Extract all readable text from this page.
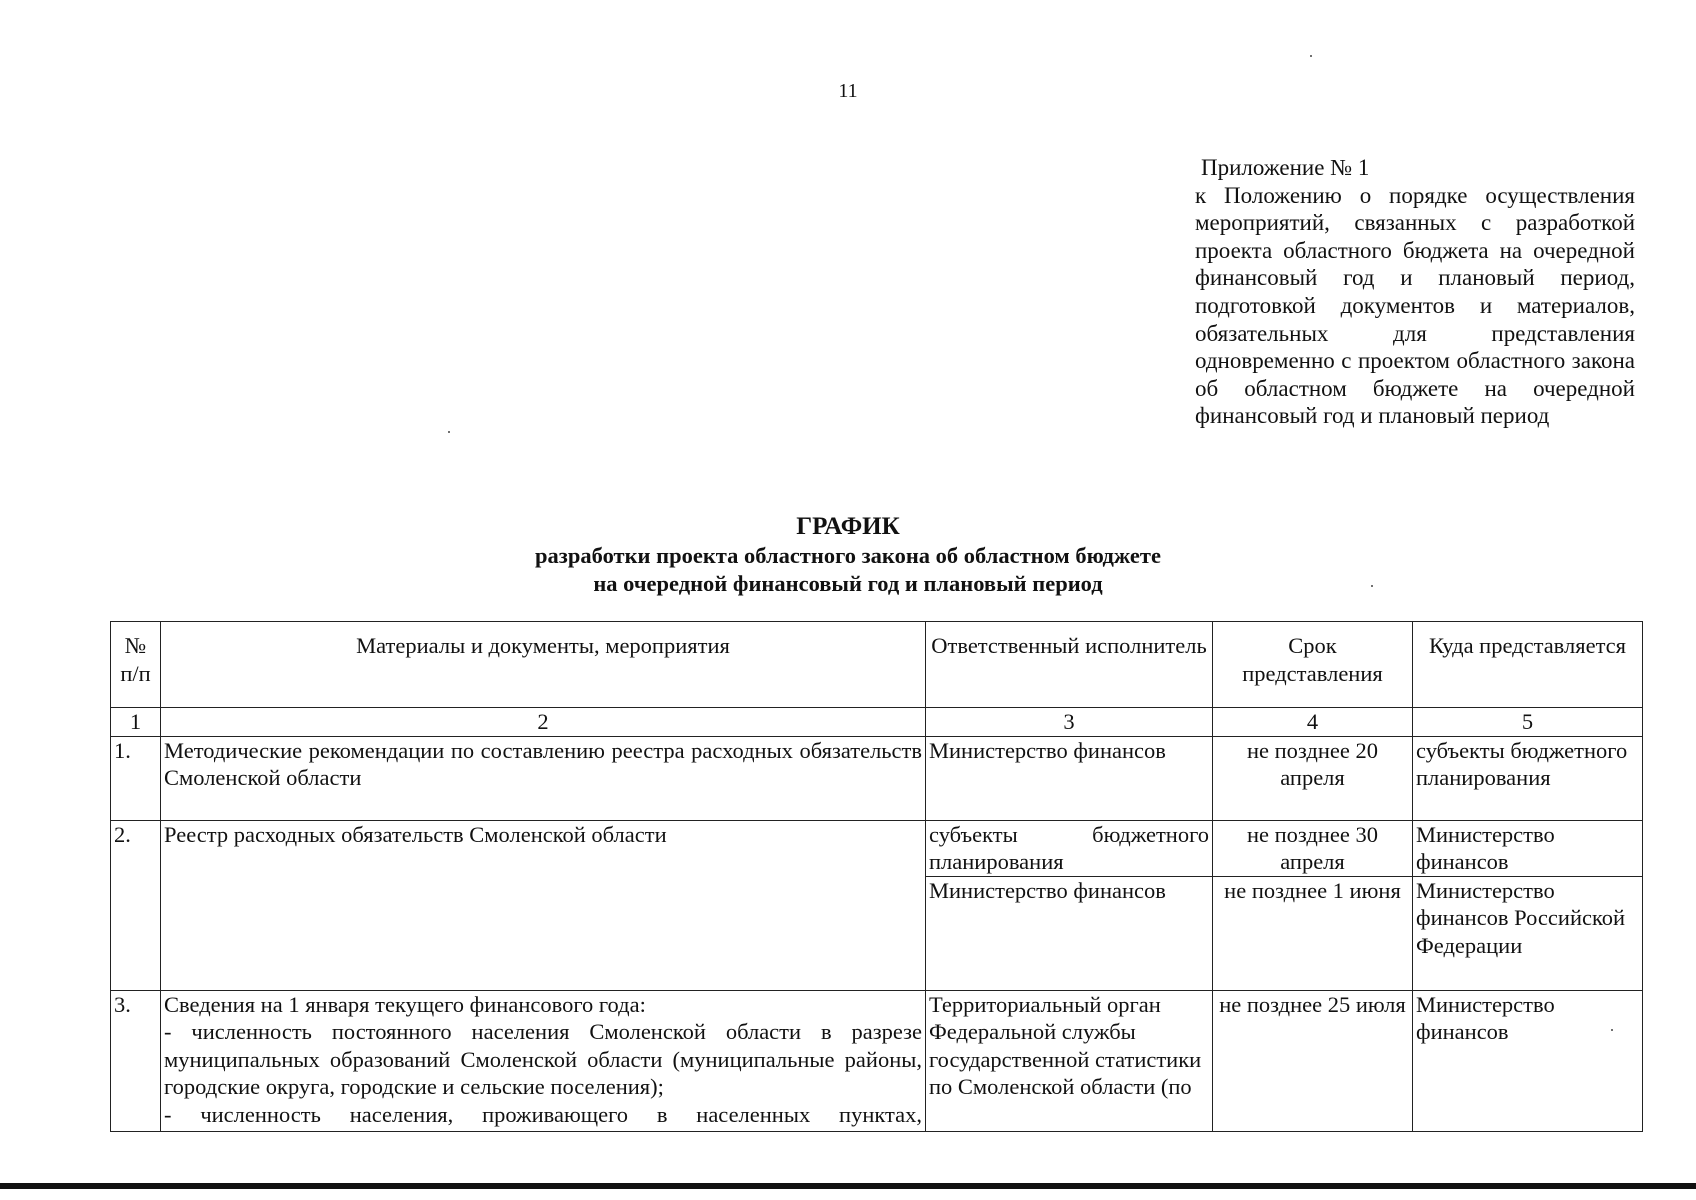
11
Приложение № 1
к Положению о порядке осуществления мероприятий, связанных с разработкой проекта областного бюджета на очередной финансовый год и плановый период, подготовкой документов и материалов, обязательных для представления одновременно с проектом областного закона об областном бюджете на очередной финансовый год и плановый период
ГРАФИК
разработки проекта областного закона об областном бюджете
на очередной финансовый год и плановый период
№ п/п	Материалы и документы, мероприятия	Ответственный исполнитель	Срок представления	Куда представляется
1	2	3	4	5
1.	Методические рекомендации по составлению реестра расходных обязательств Смоленской области	Министерство финансов	не позднее 20 апреля	субъекты бюджетного планирования
2.	Реестр расходных обязательств Смоленской области	субъекты бюджетного планирования	не позднее 30 апреля	Министерство финансов
		Министерство финансов	не позднее 1 июня	Министерство финансов Российской Федерации
3.	Сведения на 1 января текущего финансового года:
- численность постоянного населения Смоленской области в разрезе муниципальных образований Смоленской области (муниципальные районы, городские округа, городские и сельские поселения);
- численность населения, проживающего в населенных пунктах,	Территориальный орган Федеральной службы государственной статистики по Смоленской области (по	не позднее 25 июля	Министерство финансов
